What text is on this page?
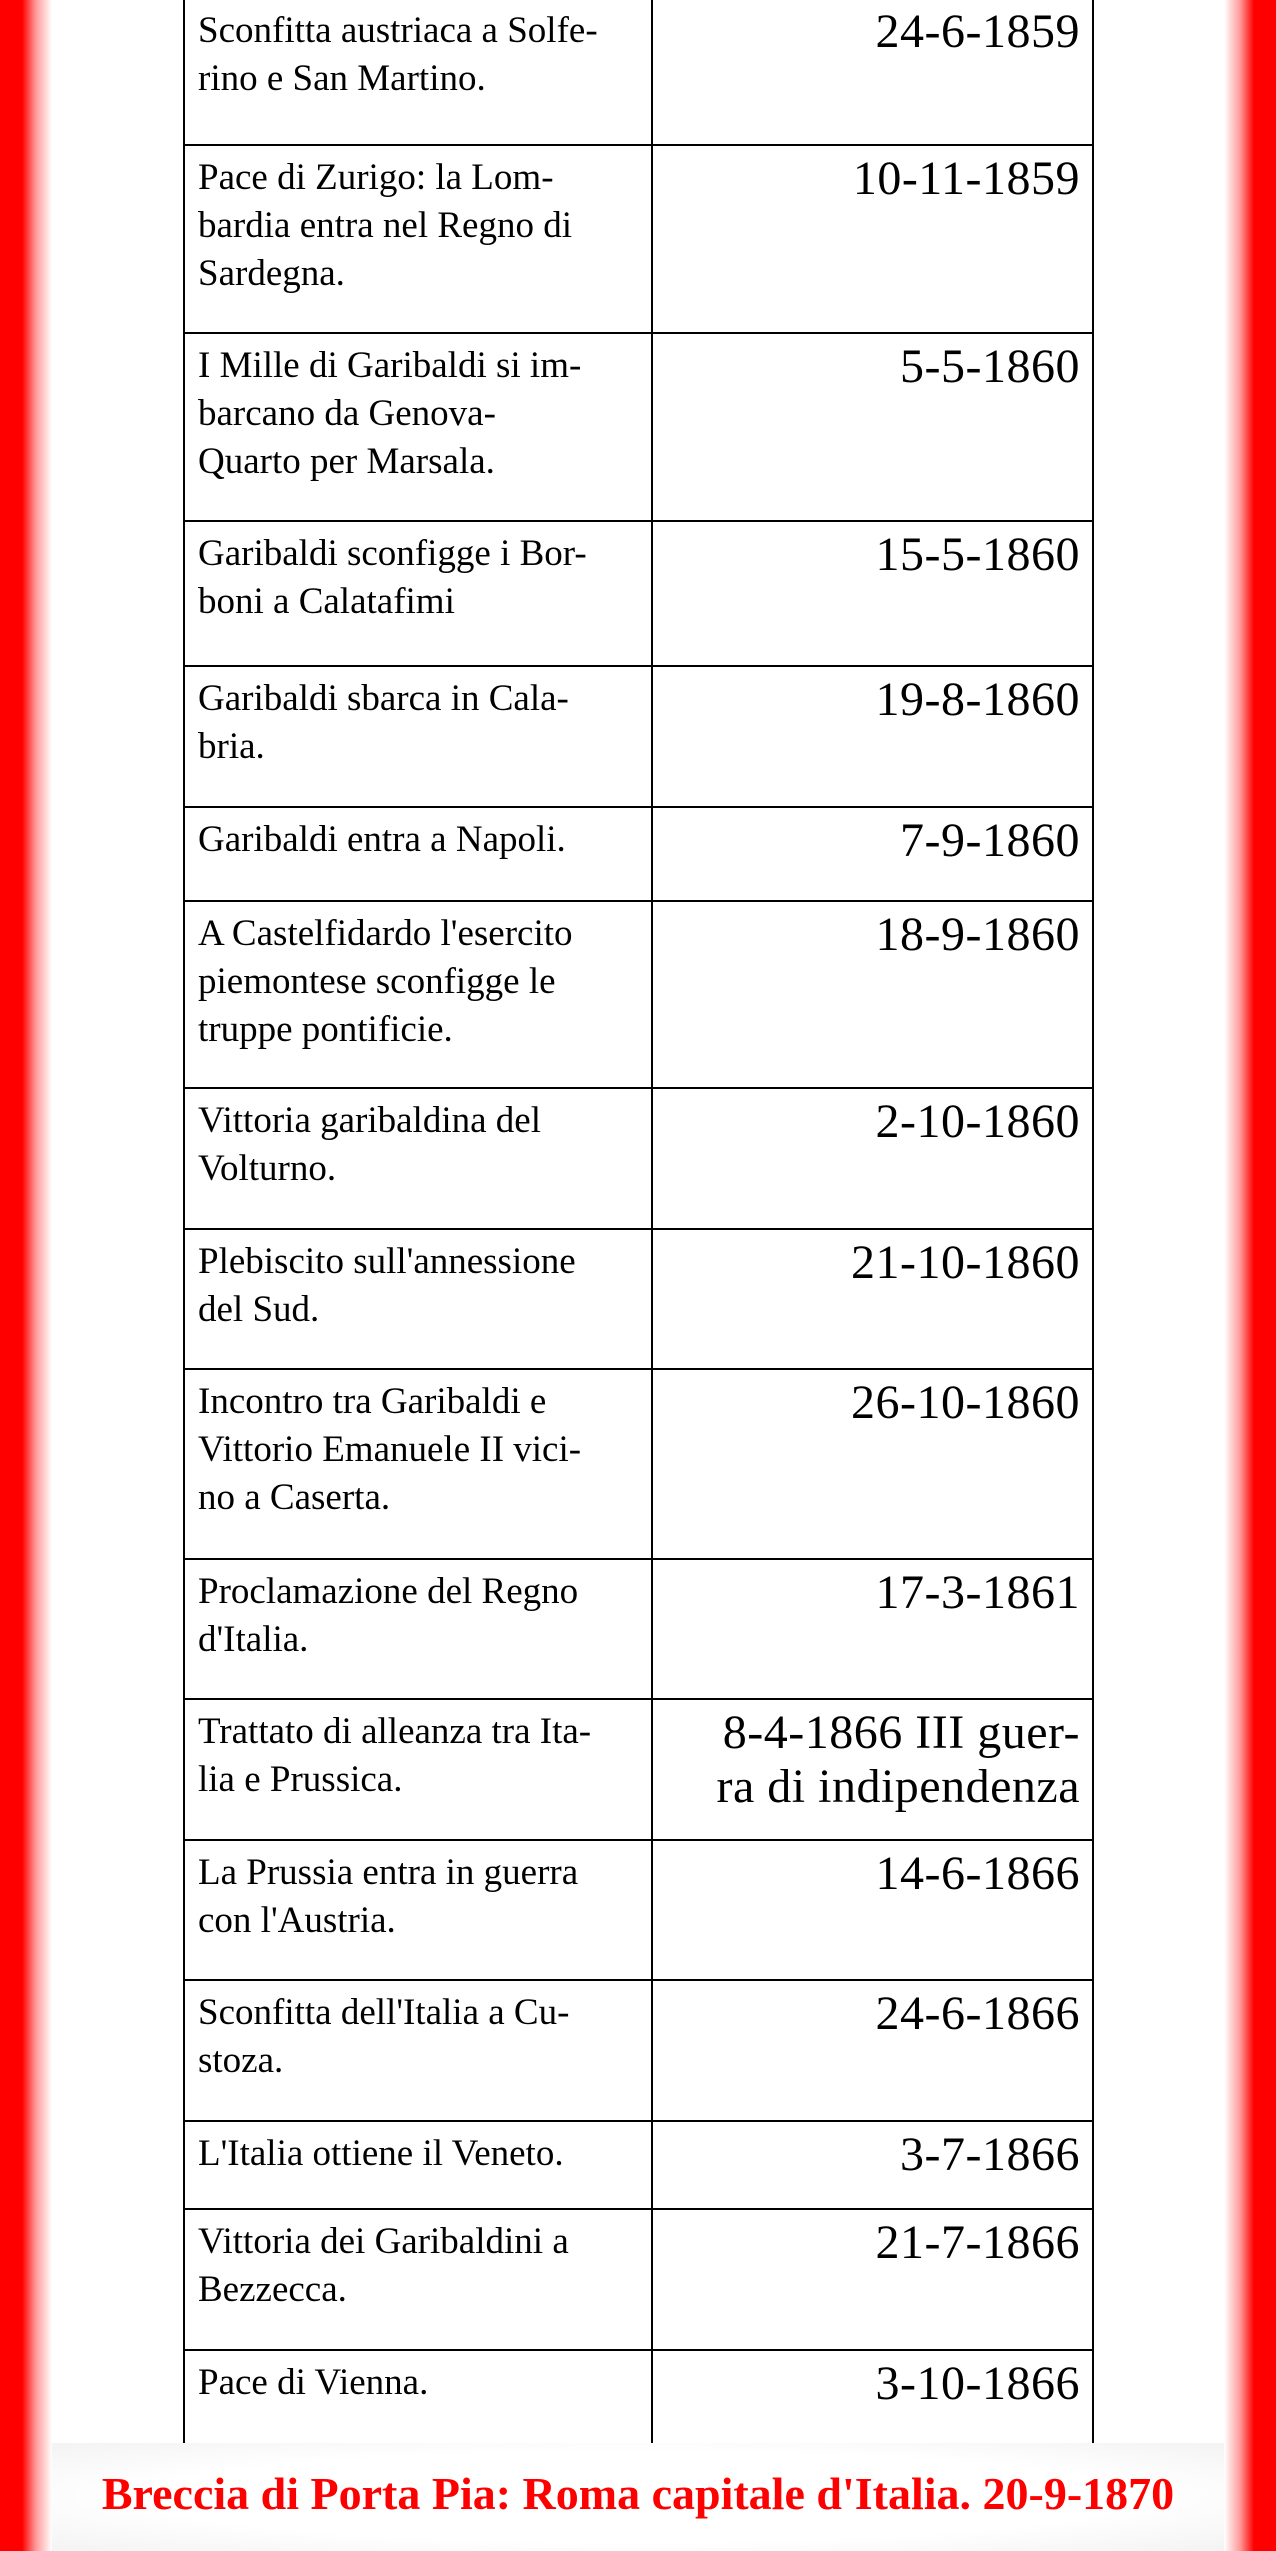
Sconfitta austriaca a Solfe-
rino e San Martino.	24-6-1859

Pace di Zurigo: la Lom-
bardia entra nel Regno di
Sardegna.	10-11-1859

I Mille di Garibaldi si im-
barcano da Genova-
Quarto per Marsala.	5-5-1860

Garibaldi sconfigge i Bor-
boni a Calatafimi	15-5-1860

Garibaldi sbarca in Cala-
bria.	19-8-1860

Garibaldi entra a Napoli.	7-9-1860

A Castelfidardo l'esercito
piemontese sconfigge le
truppe pontificie.	18-9-1860

Vittoria garibaldina del
Volturno.	2-10-1860

Plebiscito sull'annessione
del Sud.	21-10-1860

Incontro tra Garibaldi e
Vittorio Emanuele II vici-
no a Caserta.	26-10-1860

Proclamazione del Regno
d'Italia.	17-3-1861

Trattato di alleanza tra Ita-
lia e Prussica.	8-4-1866 III guer-
ra di indipendenza

La Prussia entra in guerra
con l'Austria.	14-6-1866

Sconfitta dell'Italia a Cu-
stoza.	24-6-1866

L'Italia ottiene il Veneto.	3-7-1866

Vittoria dei Garibaldini a
Bezzecca.	21-7-1866

Pace di Vienna.	3-10-1866
Breccia di Porta Pia: Roma capitale d'Italia. 20-9-1870
